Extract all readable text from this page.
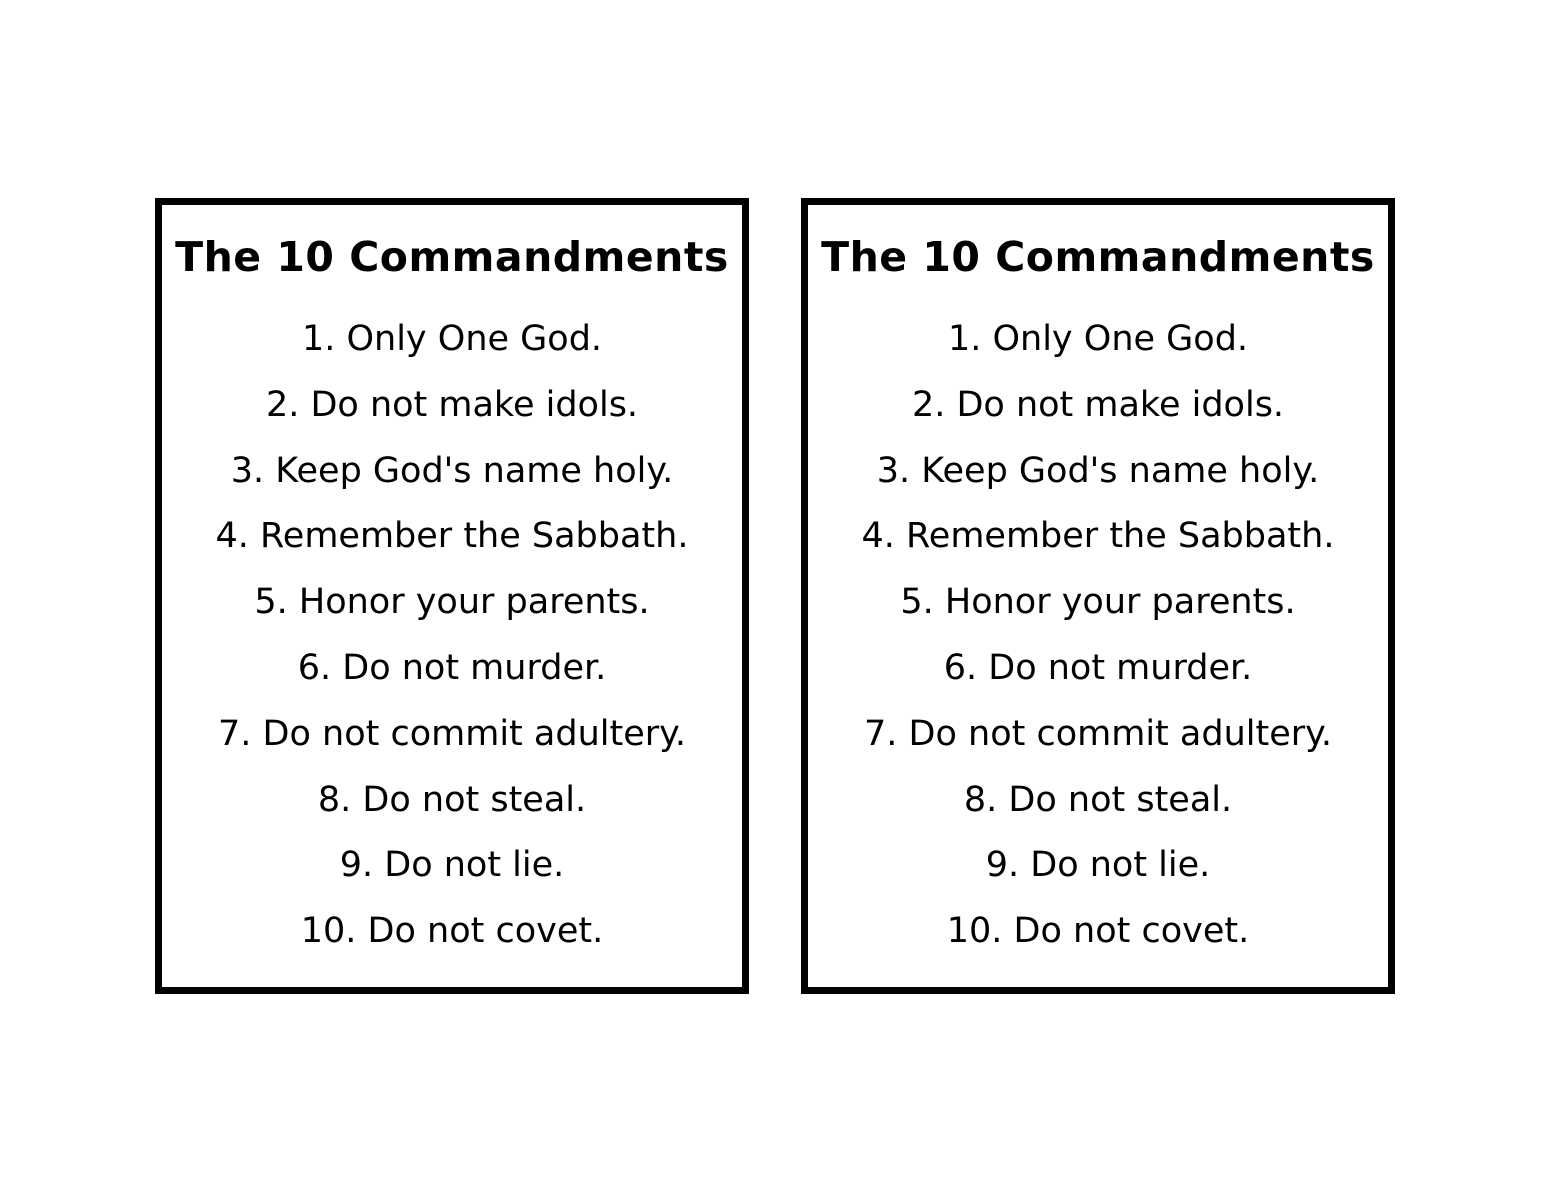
The 10 Commandments
1. Only One God.
2. Do not make idols.
3. Keep God's name holy.
4. Remember the Sabbath.
5. Honor your parents.
6. Do not murder.
7. Do not commit adultery.
8. Do not steal.
9. Do not lie.
10. Do not covet.
The 10 Commandments
1. Only One God.
2. Do not make idols.
3. Keep God's name holy.
4. Remember the Sabbath.
5. Honor your parents.
6. Do not murder.
7. Do not commit adultery.
8. Do not steal.
9. Do not lie.
10. Do not covet.
